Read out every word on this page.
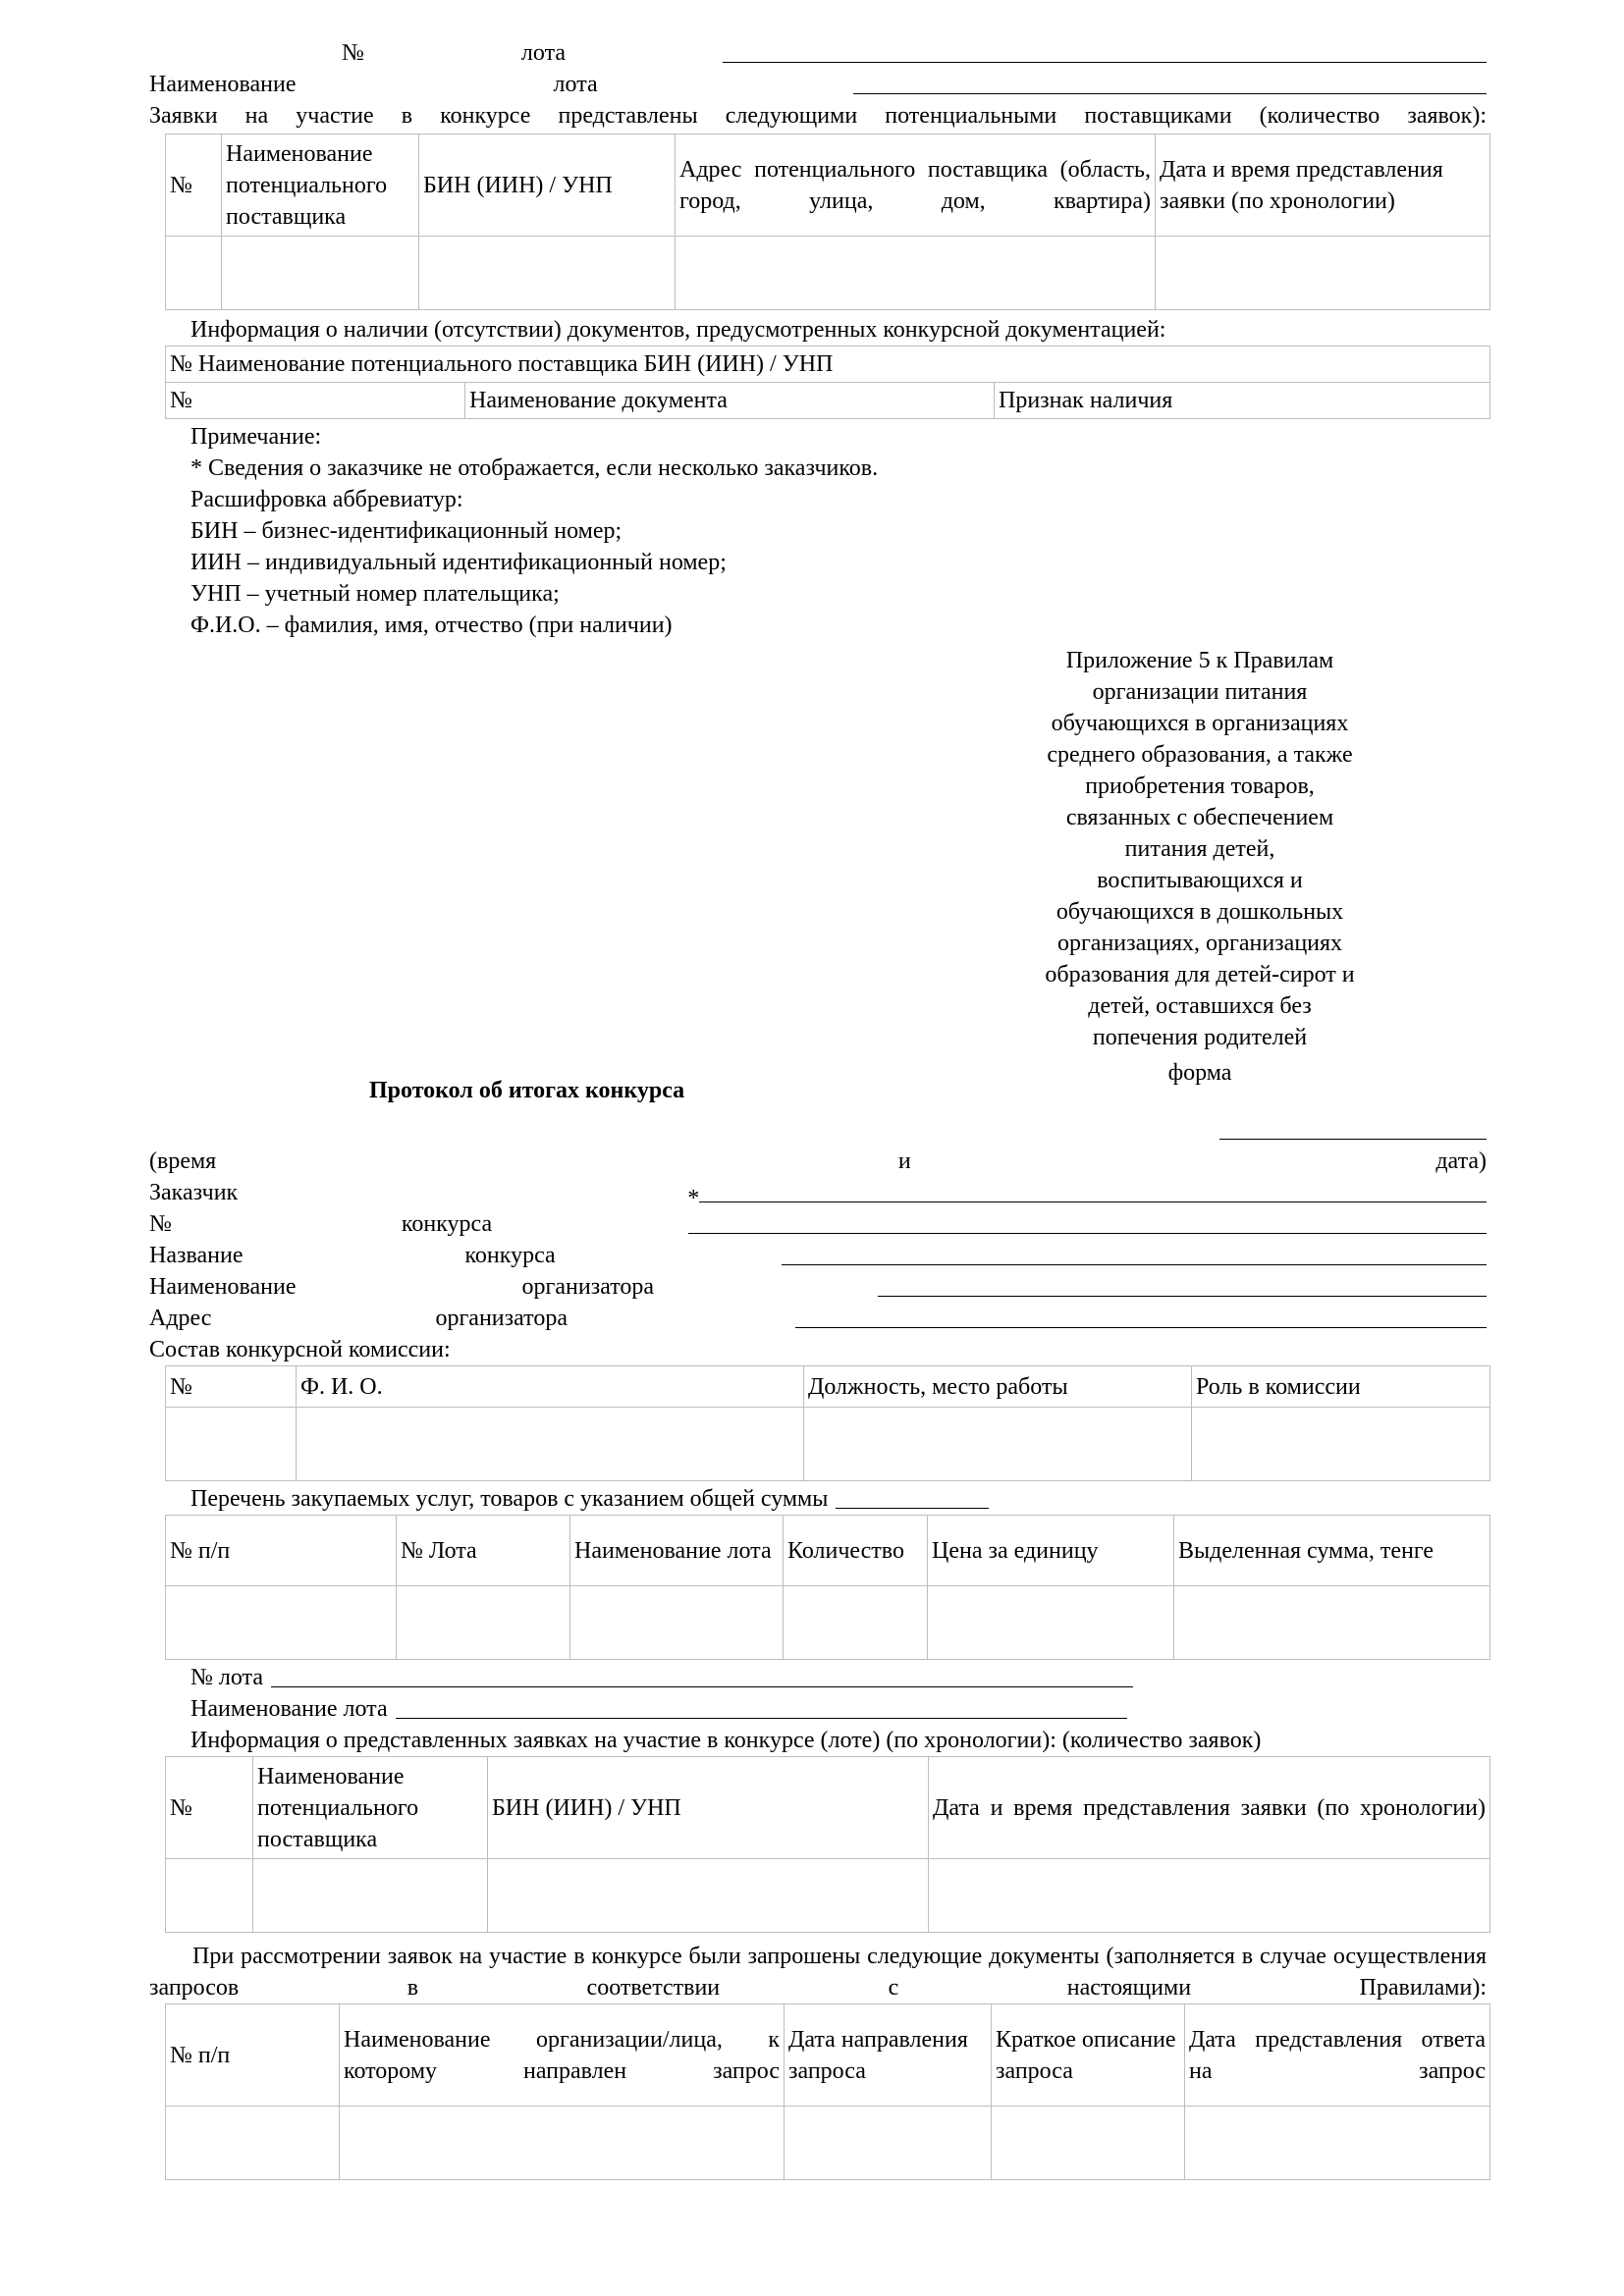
№	лота
Наименование	лота
Заявки на участие в конкурсе представлены следующими потенциальными поставщиками (количество заявок):
№	Наименование потенциального поставщика	БИН (ИИН) / УНП	Адрес потенциального поставщика (область, город, улица, дом, квартира)	Дата и время представления заявки (по хронологии)

Информация о наличии (отсутствии) документов, предусмотренных конкурсной документацией:
№ Наименование потенциального поставщика БИН (ИИН) / УНП
№	Наименование документа	Признак наличия
Примечание:
* Сведения о заказчике не отображается, если несколько заказчиков.
Расшифровка аббревиатур:
БИН – бизнес-идентификационный номер;
ИИН – индивидуальный идентификационный номер;
УНП – учетный номер плательщика;
Ф.И.О. – фамилия, имя, отчество (при наличии)
Приложение 5 к Правилам
организации питания
обучающихся в организациях
среднего образования, а также
приобретения товаров,
связанных с обеспечением
питания детей,
воспитывающихся и
обучающихся в дошкольных
организациях, организациях
образования для детей-сирот и
детей, оставшихся без
попечения родителей
форма
Протокол об итогах конкурса
(время	и	дата)
Заказчик	*
№	конкурса
Название	конкурса
Наименование	организатора
Адрес	организатора
Состав конкурсной комиссии:
№	Ф. И. О.	Должность, место работы	Роль в комиссии

Перечень закупаемых услуг, товаров с указанием общей суммы
№ п/п	№ Лота	Наименование лота	Количество	Цена за единицу	Выделенная сумма, тенге

№ лота
Наименование лота
Информация о представленных заявках на участие в конкурсе (лоте) (по хронологии): (количество заявок)
№	Наименование потенциального поставщика	БИН (ИИН) / УНП	Дата и время представления заявки (по хронологии)

При рассмотрении заявок на участие в конкурсе были запрошены следующие документы (заполняется в случае осуществления запросов в соответствии с настоящими Правилами):
№ п/п	Наименование организации/лица, к которому направлен запрос	Дата направления запроса	Краткое описание запроса	Дата представления ответа на запрос
